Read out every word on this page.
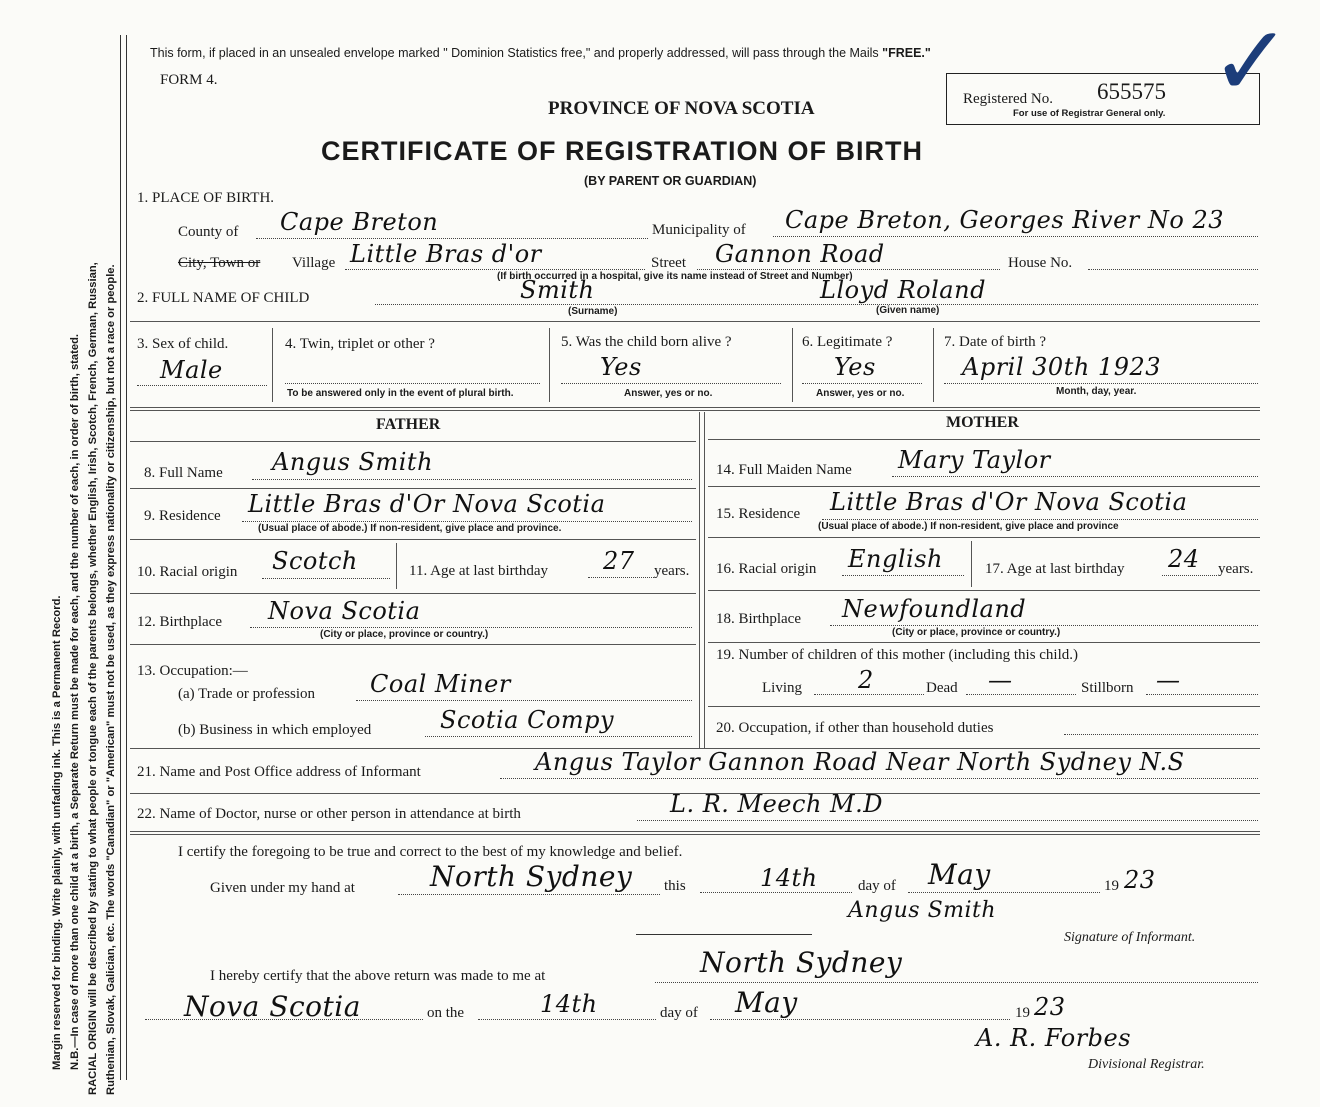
Margin reserved for binding. Write plainly, with unfading ink. This is a Permanent Record. N.B.—In case of more than one child at a birth, a Separate Return must be made for each, and the number of each, in order of birth, stated. RACIAL ORIGIN will be described by stating to what people or tongue each of the parents belongs, whether English, Irish, Scotch, French, German, Russian, Ruthenian, Slovak, Galician, etc. The words "Canadian" or "American" must not be used, as they express nationality or citizenship, but not a race or people.
This form, if placed in an unsealed envelope marked " Dominion Statistics free," and properly addressed, will pass through the Mails "FREE."
FORM 4.
PROVINCE OF NOVA SCOTIA	Registered No. 655575
For use of Registrar General only. ✓
CERTIFICATE OF REGISTRATION OF BIRTH
(BY PARENT OR GUARDIAN)
1. PLACE OF BIRTH.
County of Cape Breton	Municipality of Cape Breton, Georges River No 23
City, Town or Village Little Bras d'or	Street Gannon Road	House No.
(If birth occurred in a hospital, give its name instead of Street and Number)
2. FULL NAME OF CHILD	Smith
(Surname)
Lloyd Roland
(Given name)
3. Sex of child.
Male
4. Twin, triplet or other ?
To be answered only in the event of plural birth.
5. Was the child born alive ?
Yes
Answer, yes or no.
6. Legitimate ?
Yes
Answer, yes or no.
7. Date of birth ?
April 30th 1923
Month, day, year.
FATHER
8. Full Name Angus Smith
9. Residence Little Bras d'Or Nova Scotia
(Usual place of abode.) If non-resident, give place and province.
10. Racial origin Scotch	11. Age at last birthday 27 years.
12. Birthplace Nova Scotia
(City or place, province or country.)
13. Occupation:—
(a) Trade or profession Coal Miner
(b) Business in which employed	Scotia Compy
MOTHER
14. Full Maiden Name Mary Taylor
15. Residence Little Bras d'Or Nova Scotia
(Usual place of abode.) If non-resident, give place and province
16. Racial origin English	17. Age at last birthday 24 years.
18. Birthplace Newfoundland
(City or place, province or country.)
19. Number of children of this mother (including this child.)
Living 2	Dead —	Stillborn —
20. Occupation, if other than household duties
21. Name and Post Office address of Informant	Angus Taylor Gannon Road Near North Sydney N.S
22. Name of Doctor, nurse or other person in attendance at birth	L. R. Meech M.D
I certify the foregoing to be true and correct to the best of my knowledge and belief.
Given under my hand at	North Sydney this	14th	day of May	19 23
Angus Smith
Signature of Informant.
I hereby certify that the above return was made to me at	North Sydney
Nova Scotia	on the	14th	day of May	19 23
A. R. Forbes
Divisional Registrar.
